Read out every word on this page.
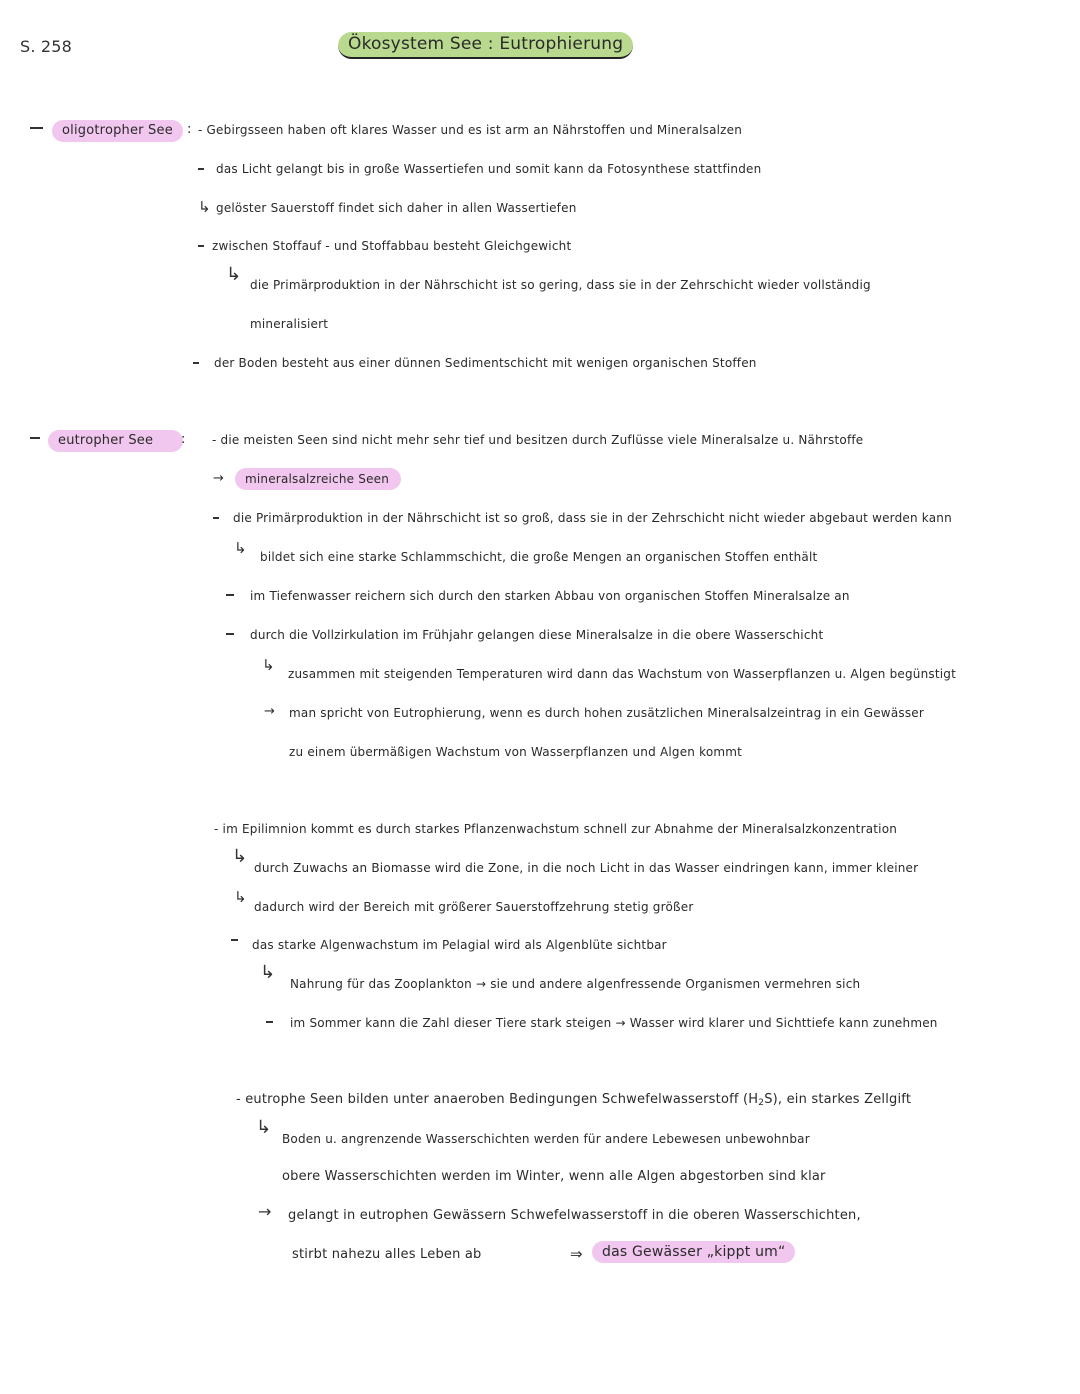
S. 258	Ökosystem See : Eutrophierung
oligotropher See	: - Gebirgsseen haben oft klares Wasser und es ist arm an Nährstoffen und Mineralsalzen
das Licht gelangt bis in große Wassertiefen und somit kann da Fotosynthese stattfinden
↳ gelöster Sauerstoff findet sich daher in allen Wassertiefen
zwischen Stoffauf - und Stoffabbau besteht Gleichgewicht
↳ die Primärproduktion in der Nährschicht ist so gering, dass sie in der Zehrschicht wieder vollständig
mineralisiert
der Boden besteht aus einer dünnen Sedimentschicht mit wenigen organischen Stoffen
eutropher See	: - die meisten Seen sind nicht mehr sehr tief und besitzen durch Zuflüsse viele Mineralsalze u. Nährstoffe
→	mineralsalzreiche Seen
die Primärproduktion in der Nährschicht ist so groß, dass sie in der Zehrschicht nicht wieder abgebaut werden kann
↳ bildet sich eine starke Schlammschicht, die große Mengen an organischen Stoffen enthält
im Tiefenwasser reichern sich durch den starken Abbau von organischen Stoffen Mineralsalze an
durch die Vollzirkulation im Frühjahr gelangen diese Mineralsalze in die obere Wasserschicht
↳ zusammen mit steigenden Temperaturen wird dann das Wachstum von Wasserpflanzen u. Algen begünstigt
→ man spricht von Eutrophierung, wenn es durch hohen zusätzlichen Mineralsalzeintrag in ein Gewässer
zu einem übermäßigen Wachstum von Wasserpflanzen und Algen kommt
- im Epilimnion kommt es durch starkes Pflanzenwachstum schnell zur Abnahme der Mineralsalzkonzentration
↳
durch Zuwachs an Biomasse wird die Zone, in die noch Licht in das Wasser eindringen kann, immer kleiner
↳
dadurch wird der Bereich mit größerer Sauerstoffzehrung stetig größer
das starke Algenwachstum im Pelagial wird als Algenblüte sichtbar
↳
Nahrung für das Zooplankton → sie und andere algenfressende Organismen vermehren sich
im Sommer kann die Zahl dieser Tiere stark steigen → Wasser wird klarer und Sichttiefe kann zunehmen
- eutrophe Seen bilden unter anaeroben Bedingungen Schwefelwasserstoff $(H_2S)$, ein starkes Zellgift
↳
Boden u. angrenzende Wasserschichten werden für andere Lebewesen unbewohnbar
obere Wasserschichten werden im Winter, wenn alle Algen abgestorben sind klar
→ gelangt in eutrophen Gewässern Schwefelwasserstoff in die oberen Wasserschichten,
stirbt nahezu alles Leben ab	⇒	das Gewässer „kippt um“
